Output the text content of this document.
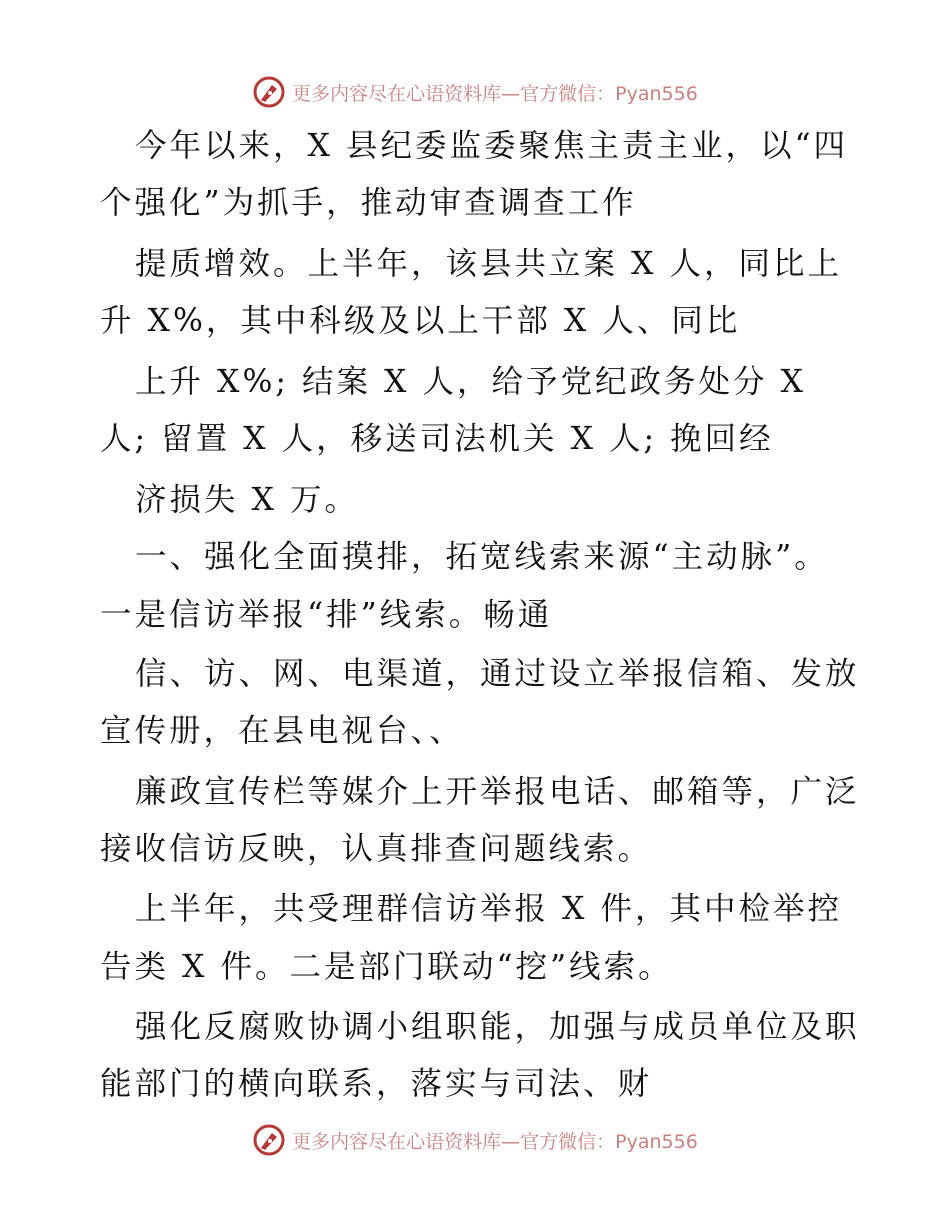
更多内容尽在心语资料库—官方微信：Pyan556
今年以来，X 县纪委监委聚焦主责主业，以“四
个强化”为抓手，推动审查调查工作
提质增效。上半年，该县共立案 X 人，同比上
升 X%，其中科级及以上干部 X 人、同比
上升 X%; 结案 X 人，给予党纪政务处分 X
人; 留置 X 人，移送司法机关 X 人; 挽回经
济损失 X 万。
一、强化全面摸排，拓宽线索来源“主动脉”。
一是信访举报“排”线索。畅通
信、访、网、电渠道，通过设立举报信箱、发放
宣传册，在县电视台、、
廉政宣传栏等媒介上开举报电话、邮箱等，广泛
接收信访反映，认真排查问题线索。
上半年，共受理群信访举报 X 件，其中检举控
告类 X 件。二是部门联动“挖”线索。
强化反腐败协调小组职能，加强与成员单位及职
能部门的横向联系，落实与司法、财
更多内容尽在心语资料库—官方微信：Pyan556
